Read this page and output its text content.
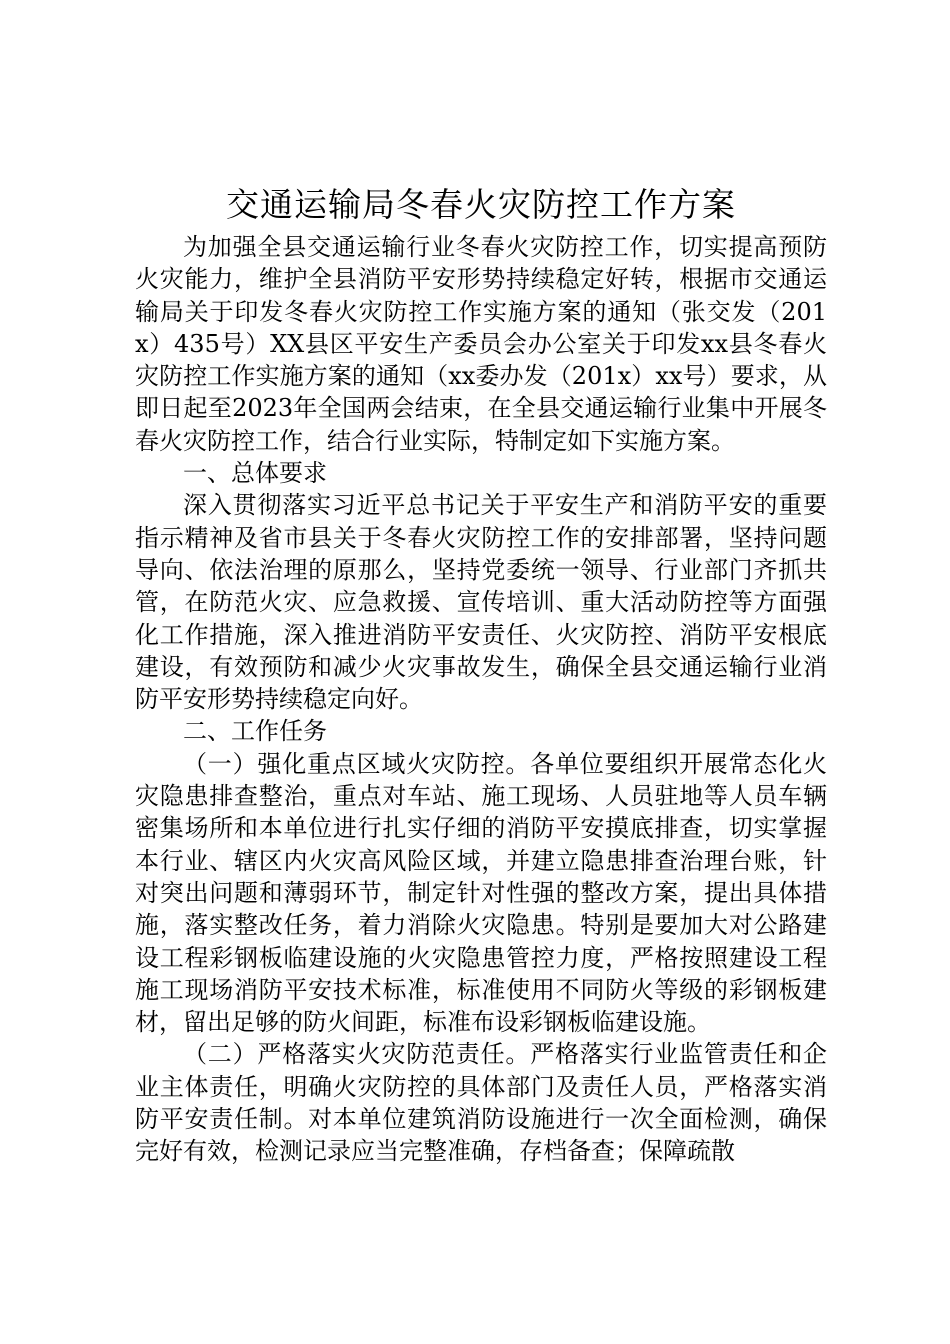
交通运输局冬春火灾防控工作方案

为加强全县交通运输行业冬春火灾防控工作，切实提高预防火灾能力，维护全县消防平安形势持续稳定好转，根据市交通运输局关于印发冬春火灾防控工作实施方案的通知（张交发（201x）435号）XX县区平安生产委员会办公室关于印发xx县冬春火灾防控工作实施方案的通知（xx委办发（201x）xx号）要求，从即日起至2023年全国两会结束，在全县交通运输行业集中开展冬春火灾防控工作，结合行业实际，特制定如下实施方案。

一、总体要求

深入贯彻落实习近平总书记关于平安生产和消防平安的重要指示精神及省市县关于冬春火灾防控工作的安排部署，坚持问题导向、依法治理的原那么，坚持党委统一领导、行业部门齐抓共管，在防范火灾、应急救援、宣传培训、重大活动防控等方面强化工作措施，深入推进消防平安责任、火灾防控、消防平安根底建设，有效预防和减少火灾事故发生，确保全县交通运输行业消防平安形势持续稳定向好。

二、工作任务

（一）强化重点区域火灾防控。各单位要组织开展常态化火灾隐患排查整治，重点对车站、施工现场、人员驻地等人员车辆密集场所和本单位进行扎实仔细的消防平安摸底排查，切实掌握本行业、辖区内火灾高风险区域，并建立隐患排查治理台账，针对突出问题和薄弱环节，制定针对性强的整改方案，提出具体措施，落实整改任务，着力消除火灾隐患。特别是要加大对公路建设工程彩钢板临建设施的火灾隐患管控力度，严格按照建设工程施工现场消防平安技术标准，标准使用不同防火等级的彩钢板建材，留出足够的防火间距，标准布设彩钢板临建设施。

（二）严格落实火灾防范责任。严格落实行业监管责任和企业主体责任，明确火灾防控的具体部门及责任人员，严格落实消防平安责任制。对本单位建筑消防设施进行一次全面检测，确保完好有效，检测记录应当完整准确，存档备查；保障疏散
